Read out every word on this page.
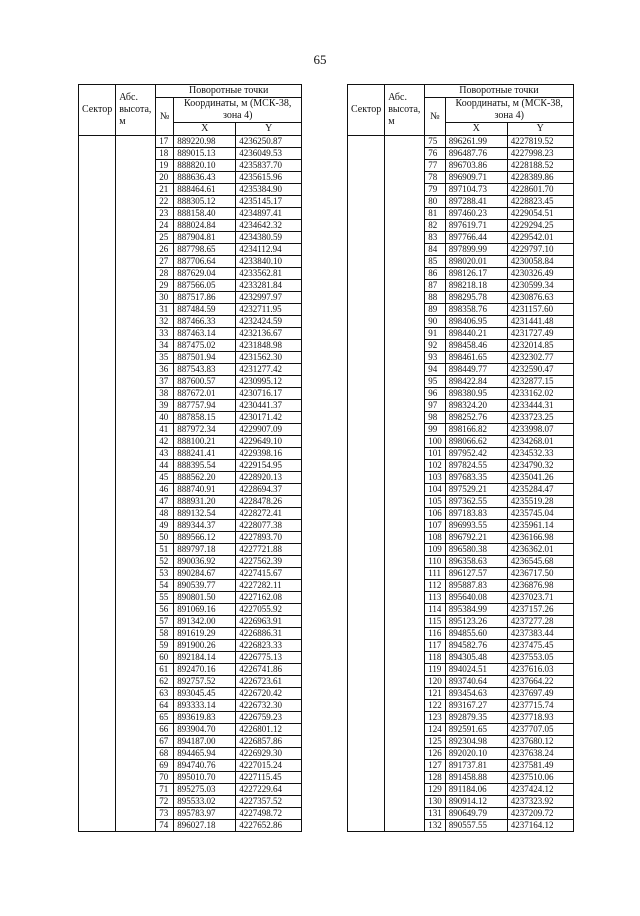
65
Сектор	Абс. высота, м	Поворотные точки		
		№	Координаты, м (МСК-38, зона 4)	
			X	Y
		17	889220.98	4236250.87
		18	889015.13	4236049.53
		19	888820.10	4235837.70
		20	888636.43	4235615.96
		21	888464.61	4235384.90
		22	888305.12	4235145.17
		23	888158.40	4234897.41
		24	888024.84	4234642.32
		25	887904.81	4234380.59
		26	887798.65	4234112.94
		27	887706.64	4233840.10
		28	887629.04	4233562.81
		29	887566.05	4233281.84
		30	887517.86	4232997.97
		31	887484.59	4232711.95
		32	887466.33	4232424.59
		33	887463.14	4232136.67
		34	887475.02	4231848.98
		35	887501.94	4231562.30
		36	887543.83	4231277.42
		37	887600.57	4230995.12
		38	887672.01	4230716.17
		39	887757.94	4230441.37
		40	887858.15	4230171.42
		41	887972.34	4229907.09
		42	888100.21	4229649.10
		43	888241.41	4229398.16
		44	888395.54	4229154.95
		45	888562.20	4228920.13
		46	888740.91	4228694.37
		47	888931.20	4228478.26
		48	889132.54	4228272.41
		49	889344.37	4228077.38
		50	889566.12	4227893.70
		51	889797.18	4227721.88
		52	890036.92	4227562.39
		53	890284.67	4227415.67
		54	890539.77	4227282.11
		55	890801.50	4227162.08
		56	891069.16	4227055.92
		57	891342.00	4226963.91
		58	891619.29	4226886.31
		59	891900.26	4226823.33
		60	892184.14	4226775.13
		61	892470.16	4226741.86
		62	892757.52	4226723.61
		63	893045.45	4226720.42
		64	893333.14	4226732.30
		65	893619.83	4226759.23
		66	893904.70	4226801.12
		67	894187.00	4226857.86
		68	894465.94	4226929.30
		69	894740.76	4227015.24
		70	895010.70	4227115.45
		71	895275.03	4227229.64
		72	895533.02	4227357.52
		73	895783.97	4227498.72
		74	896027.18	4227652.86
Сектор	Абс. высота, м	Поворотные точки		
		№	Координаты, м (МСК-38, зона 4)	
			X	Y
		75	896261.99	4227819.52
		76	896487.76	4227998.23
		77	896703.86	4228188.52
		78	896909.71	4228389.86
		79	897104.73	4228601.70
		80	897288.41	4228823.45
		81	897460.23	4229054.51
		82	897619.71	4229294.25
		83	897766.44	4229542.01
		84	897899.99	4229797.10
		85	898020.01	4230058.84
		86	898126.17	4230326.49
		87	898218.18	4230599.34
		88	898295.78	4230876.63
		89	898358.76	4231157.60
		90	898406.95	4231441.48
		91	898440.21	4231727.49
		92	898458.46	4232014.85
		93	898461.65	4232302.77
		94	898449.77	4232590.47
		95	898422.84	4232877.15
		96	898380.95	4233162.02
		97	898324.20	4233444.31
		98	898252.76	4233723.25
		99	898166.82	4233998.07
		100	898066.62	4234268.01
		101	897952.42	4234532.33
		102	897824.55	4234790.32
		103	897683.35	4235041.26
		104	897529.21	4235284.47
		105	897362.55	4235519.28
		106	897183.83	4235745.04
		107	896993.55	4235961.14
		108	896792.21	4236166.98
		109	896580.38	4236362.01
		110	896358.63	4236545.68
		111	896127.57	4236717.50
		112	895887.83	4236876.98
		113	895640.08	4237023.71
		114	895384.99	4237157.26
		115	895123.26	4237277.28
		116	894855.60	4237383.44
		117	894582.76	4237475.45
		118	894305.48	4237553.05
		119	894024.51	4237616.03
		120	893740.64	4237664.22
		121	893454.63	4237697.49
		122	893167.27	4237715.74
		123	892879.35	4237718.93
		124	892591.65	4237707.05
		125	892304.98	4237680.12
		126	892020.10	4237638.24
		127	891737.81	4237581.49
		128	891458.88	4237510.06
		129	891184.06	4237424.12
		130	890914.12	4237323.92
		131	890649.79	4237209.72
		132	890557.55	4237164.12
